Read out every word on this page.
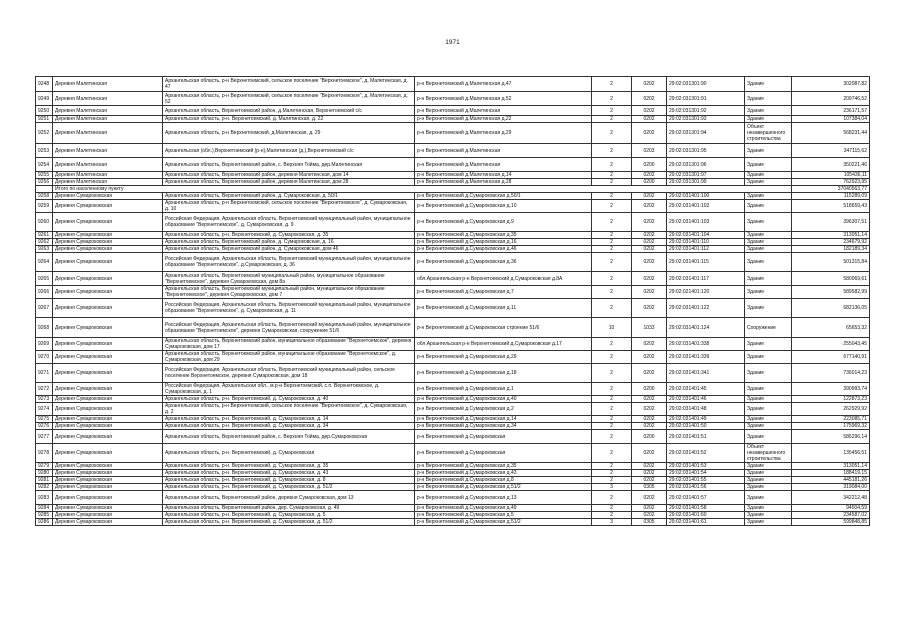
1971
9248	Деревня Малетинская	Архангельская область, р-н Верхнетоемский, сельское поселение "Верхнетоемское", д. Малетинская, д. 47	р-н Верхнетоемский д.Малетинская д.47	2	0202	29:02:031301:90	Здание	302087,82
9249	Деревня Малетинская	Архангельская область, р-н Верхнетоемский, сельское поселение "Верхнетоемское", д. Малетинская, д. 52	р-н Верхнетоемский д.Малетинская д.52	2	0202	29:02:031301:91	Здание	209746,52
9250	Деревня Малетинская	Архангельская область, Верхнетоемский район, д.Малетинская, Верхнетоемский с/с	р-н Верхнетоемский д.Малетинская	2	0202	29:02:031301:92	Здание	236171,57
9251	Деревня Малетинская	Архангельская область, р-н. Верхнетоемский, д. Малетинская, д. 22	р-н Верхнетоемский д.Малетинская д.22	2	0202	29:02:031301:93	Здание	107384,04
9252	Деревня Малетинская	Архангельская область, р-н Верхнетоемский, д.Малетинская, д. 29	р-н Верхнетоемский д.Малетинская д.29	2	0202	29:02:031301:94	Объект незавершенного строительства	568231,44
9253	Деревня Малетинская	Архангельская (обл.),Верхнетоемский (р-н),Малетинская (д.),Верхнетоемский с/с	р-н Верхнетоемский д.Малетинская	2	0203	29:02:031301:95	Здание	347115,62
9254	Деревня Малетинская	Архангельская область, Верхнетоемский район, с. Верхняя Тойма, дер.Малетинская	р-н Верхнетоемский д.Малетинская	2	0200	29:02:031301:96	Здание	350221,46
9255	Деревня Малетинская	Архангельская область, Верхнетоемский район, деревня Малетинская, дом 14	р-н Верхнетоемский д.Малетинская д.14	2	0202	29:02:031301:97	Здание	105436,11
9256	Деревня Малетинская	Архангельская область, Верхнетоемский район, деревня Малетинская, дом 28	р-н Верхнетоемский д.Малетинская д.28	2	0200	29:02:031301:99	Здание	762923,95
	Итого по населенному пункту							37040563,77
9258	Деревня Сумароковская	Архангельская область, Верхнетоемский район, д. Сумароковская, д. 50/1	р-н Верхнетоемский д.Сумароковская д.50/1	2	0202	29:02:031401:100	Здание	115289,09
9259	Деревня Сумароковская	Архангельская область, р-н Верхнетоемский, сельское поселение "Верхнетоемское", д. Сумароковская, д. 10	р-н Верхнетоемский д.Сумароковская д.10	2	0202	29:02:031401:102	Здание	518659,43
9260	Деревня Сумароковская	Российская Федерация, Архангельская область, Верхнетоемский муниципальный район, муниципальное образование "Верхнетоемское", д. Сумароковская, д. 9	р-н Верхнетоемский д.Сумароковская д.9	2	0202	29:02:031401:103	Здание	396307,51
9261	Деревня Сумароковская	Архангельская область, р-н. Верхнетоемский, д. Сумароковская, д. 35	р-н Верхнетоемский д.Сумароковская д.35	2	0202	29:02:031401:104	Здание	313051,14
9262	Деревня Сумароковская	Архангельская область, Верхнетоемский район, д. Сумароковская, д. 16	р-н Верхнетоемский д.Сумароковская д.16	2	0202	29:02:031401:110	Здание	234679,92
9263	Деревня Сумароковская	Архангельская область, Верхнетоемский район, д. Сумароковская, дом 46	р-н Верхнетоемский д.Сумароковская д.46	2	0202	29:02:031401:112	Здание	182189,34
9264	Деревня Сумароковская	Российская Федерация, Архангельская область, Верхнетоемский муниципальный район, муниципальное образование "Верхнетоемское", д.Сумароковская, д. 36	р-н Верхнетоемский д.Сумароковская д.36	2	0202	29:02:031401:115	Здание	501315,84
9265	Деревня Сумароковская	Архангельская область, Верхнетоемский муниципальный район, муниципальное образование "Верхнетоемское", деревня Сумароковская, дом 8а	обл.Архангельская р-н Верхнетоемский д.Сумароковская д.8А	2	0202	29:02:031401:117	Здание	580069,61
9266	Деревня Сумароковская	Архангельская область, Верхнетоемский муниципальный район, муниципальное образование "Верхнетоемское", деревня Сумароковская, дом 7	р-н Верхнетоемский д.Сумароковская д.7	2	0202	29:02:021401:120	Здание	589582,99
9267	Деревня Сумароковская	Российская Федерация, Архангельская область, Верхнетоемский муниципальный район, муниципальное образование "Верхнетоемское", д. Сумароковская, д. 11	р-н Верхнетоемский д.Сумароковская д.11	2	0202	29:02:031401:122	Здание	682136,05
9268	Деревня Сумароковская	Российская Федерация, Архангельская область, Верхнетоемский муниципальный район, муниципальное образование "Верхнетоемское", деревня Сумароковская, сооружение 51/6	р-н Верхнетоемский д.Сумароковская строение 51/6	10	1033	29:02:031401:124	Сооружение	65653,32
9269	Деревня Сумароковская	Архангельская область, Верхнетоемский район, муниципальное образование "Верхнетоемское", деревня Сумароковская, дом 17	обл.Архангельская р-н Верхнетоемский д.Сумароковская д.17	2	0202	29:02:031401:338	Здание	255043,45
9270	Деревня Сумароковская	Архангельская область, Верхнетоемский район, муниципальное образование "Верхнетоемское", д. Сумароковская, дом 29	р-н Верхнетоемский д.Сумароковская д.29	2	0202	29:02:031401:339	Здание	677140,91
9271	Деревня Сумароковская	Российская Федерация, Архангельская область, Верхнетоемский муниципальный район, сельское поселение Верхнетоемское, деревня Сумароковская, дом 18	р-н Верхнетоемский д.Сумароковская д.18	2	0202	29:02:031401:341	Здание	736014,23
9272	Деревня Сумароковская	Российская Федерация, Архангельская обл., м.р-н Верхнетоемский, с.п. Верхнетоемское, д. Сумароковская, д. 1	р-н Верхнетоемский д.Сумароковская д.1	2	0200	29:02:031401:45	Здание	390993,74
9273	Деревня Сумароковская	Архангельская область, р-н. Верхнетоемский, д. Сумароковская, д. 40	р-н Верхнетоемский д.Сумароковская д.40	2	0202	29:02:031401:46	Здание	122873,23
9274	Деревня Сумароковская	Архангельская область, р-н Верхнетоемский, сельское поселение "Верхнетоемское", д. Сумароковская, д. 2	р-н Верхнетоемский д.Сумароковская д.2	2	0202	29:02:031401:48	Здание	262929,92
9275	Деревня Сумароковская	Архангельская область, р-н. Верхнетоемский, д. Сумароковская, д. 14	р-н Верхнетоемский д.Сумароковская д.14	2	0202	29:02:031401:49	Здание	223085,71
9276	Деревня Сумароковская	Архангельская область, р-н. Верхнетоемский, д. Сумароковская, д. 34	р-н Верхнетоемский д.Сумароковская д.34	2	0202	29:02:031401:50	Здание	175969,32
9277	Деревня Сумароковская	Архангельская область, Верхнетоемский район, с. Верхняя Тойма, дер.Сумароковская	р-н Верхнетоемский д.Сумароковская	2	0200	29:02:031401:51	Здание	586296,14
9278	Деревня Сумароковская	Архангельская область, р-н. Верхнетоемский, д. Сумароковская	р-н Верхнетоемский д.Сумароковская	2	0202	29:02:031401:52	Объект незавершенного строительства	135456,51
9279	Деревня Сумароковская	Архангельская область, р-н. Верхнетоемский, д. Сумароковская, д. 35	р-н Верхнетоемский д.Сумароковская д.35	2	0202	29:02:031401:53	Здание	313051,14
9280	Деревня Сумароковская	Архангельская область, р-н. Верхнетоемский, д. Сумароковская, д. 43	р-н Верхнетоемский д.Сумароковская д.43	2	0202	29:02:031401:54	Здание	188419,15
9281	Деревня Сумароковская	Архангельская область, р-н. Верхнетоемский, д. Сумароковская, д. 8	р-н Верхнетоемский д.Сумароковская д.8	2	0202	29:02:031401:55	Здание	445181,26
9282	Деревня Сумароковская	Архангельская область, р-н. Верхнетоемский, д. Сумароковская, д. 51/2	р-н Верхнетоемский д.Сумароковская д.51/2	3	0305	29:02:031401:56	Здание	319084,00
9283	Деревня Сумароковская	Архангельская область, Верхнетоемский район, деревня Сумароковская, дом 13	р-н Верхнетоемский д.Сумароковская д.13	2	0202	29:02:031401:57	Здание	342212,48
9284	Деревня Сумароковская	Архангельская область, Верхнетоемский район, дер. Сумароковская, д. 49	р-н Верхнетоемский д.Сумароковская д.49	2	0202	29:02:031401:58	Здание	94504,59
9285	Деревня Сумароковская	Архангельская область, р-н. Верхнетоемский, д. Сумароковская, д. 5	р-н Верхнетоемский д.Сумароковская д.5	2	0202	29:02:031401:60	Здание	234587,02
9286	Деревня Сумароковская	Архангельская область, р-н. Верхнетоемский, д. Сумароковская, д. 51/2	р-н Верхнетоемский д.Сумароковская д.51/2	3	0305	29:02:031401:61	Здание	599848,85
